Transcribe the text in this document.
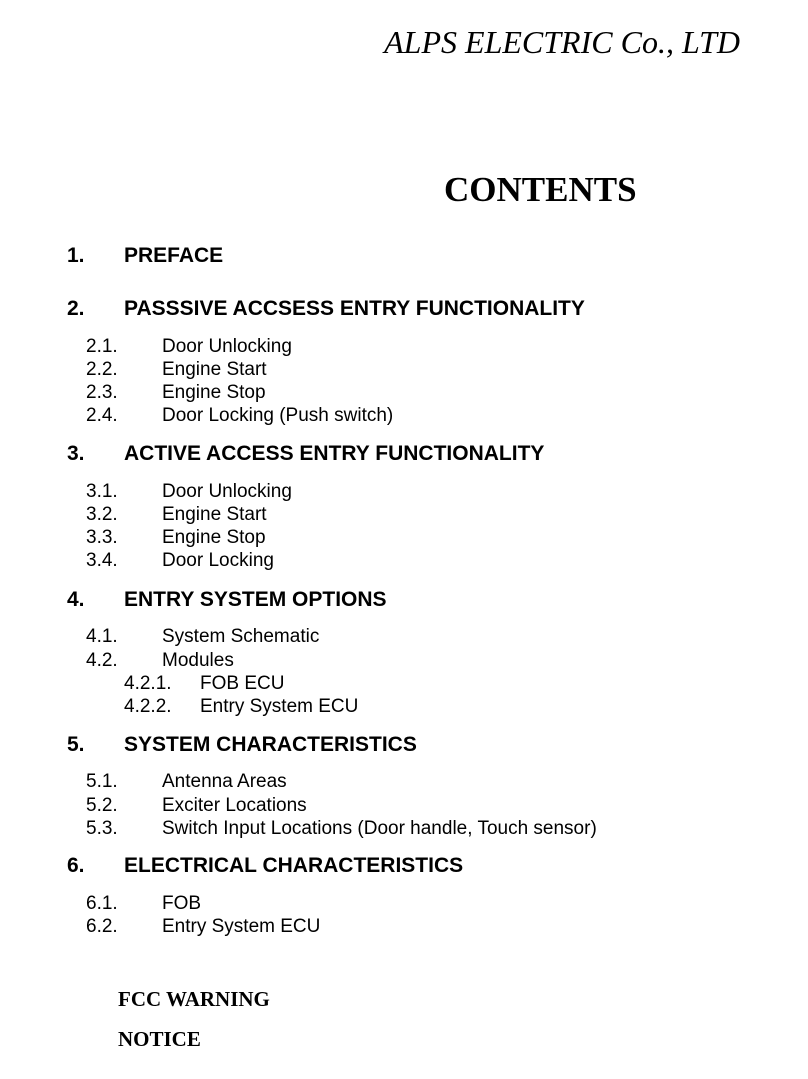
ALPS ELECTRIC Co., LTD
CONTENTS
1. PREFACE
2. PASSSIVE ACCSESS ENTRY FUNCTIONALITY
2.1. Door Unlocking
2.2. Engine Start
2.3. Engine Stop
2.4. Door Locking (Push switch)
3. ACTIVE ACCESS ENTRY FUNCTIONALITY
3.1. Door Unlocking
3.2. Engine Start
3.3. Engine Stop
3.4. Door Locking
4. ENTRY SYSTEM OPTIONS
4.1. System Schematic
4.2. Modules
4.2.1. FOB ECU
4.2.2. Entry System ECU
5. SYSTEM CHARACTERISTICS
5.1. Antenna Areas
5.2. Exciter Locations
5.3. Switch Input Locations (Door handle, Touch sensor)
6. ELECTRICAL CHARACTERISTICS
6.1. FOB
6.2. Entry System ECU
FCC WARNING
NOTICE
